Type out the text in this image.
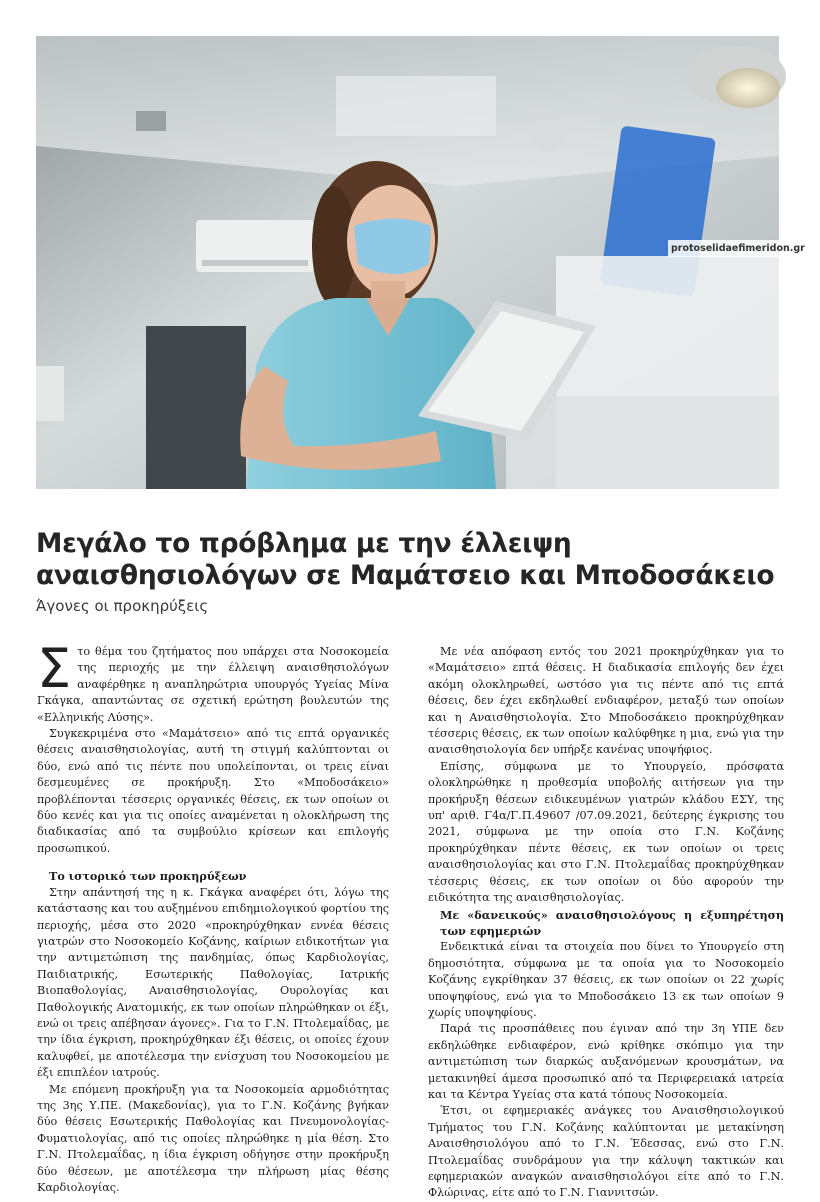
protoselidaefimeridon.gr
Μεγάλο το πρόβλημα με την έλλειψη
αναισθησιολόγων σε Μαμάτσειο και Μποδοσάκειο

Άγονες οι προκηρύξεις

Στο θέμα του ζητήματος που υπάρχει στα Νοσοκομεία της περιοχής με την έλλειψη αναισθησιολόγων αναφέρθηκε η αναπληρώτρια υπουργός Υγείας Μίνα Γκάγκα, απαντώντας σε σχετική ερώτηση βουλευτών της «Ελληνικής Λύσης».

Συγκεκριμένα στο «Μαμάτσειο» από τις επτά οργανικές θέσεις αναισθησιολογίας, αυτή τη στιγμή καλύπτονται οι δύο, ενώ από τις πέντε που υπολείπονται, οι τρεις είναι δεσμευμένες σε προκήρυξη. Στο «Μποδοσάκειο» προβλέπονται τέσσερις οργανικές θέσεις, εκ των οποίων οι δύο κενές και για τις οποίες αναμένεται η ολοκλήρωση της διαδικασίας από τα συμβούλιο κρίσεων και επιλογής προσωπικού.

Το ιστορικό των προκηρύξεων

Στην απάντησή της η κ. Γκάγκα αναφέρει ότι, λόγω της κατάστασης και του αυξημένου επιδημιολογικού φορτίου της περιοχής, μέσα στο 2020 «προκηρύχθηκαν εννέα θέσεις γιατρών στο Νοσοκομείο Κοζάνης, καίριων ειδικοτήτων για την αντιμετώπιση της πανδημίας, όπως Καρδιολογίας, Παιδιατρικής, Εσωτερικής Παθολογίας, Ιατρικής Βιοπαθολογίας, Αναισθησιολογίας, Ουρολογίας και Παθολογικής Ανατομικής, εκ των οποίων πληρώθηκαν οι έξι, ενώ οι τρεις απέβησαν άγονες». Για το Γ.Ν. Πτολεμαΐδας, με την ίδια έγκριση, προκηρύχθηκαν έξι θέσεις, οι οποίες έχουν καλυφθεί, με αποτέλεσμα την ενίσχυση του Νοσοκομείου με έξι επιπλέον ιατρούς.

Με επόμενη προκήρυξη για τα Νοσοκομεία αρμοδιότητας της 3ης Υ.ΠΕ. (Μακεδονίας), για το Γ.Ν. Κοζάνης βγήκαν δύο θέσεις Εσωτερικής Παθολογίας και Πνευμονολογίας- Φυματιολογίας, από τις οποίες πληρώθηκε η μία θέση. Στο Γ.Ν. Πτολεμαΐδας, η ίδια έγκριση οδήγησε στην προκήρυξη δύο θέσεων, με αποτέλεσμα την πλήρωση μίας θέσης Καρδιολογίας.

Με νέα απόφαση εντός του 2021 προκηρύχθηκαν για το «Μαμάτσειο» επτά θέσεις. Η διαδικασία επιλογής δεν έχει ακόμη ολοκληρωθεί, ωστόσο για τις πέντε από τις επτά θέσεις, δεν έχει εκδηλωθεί ενδιαφέρον, μεταξύ των οποίων και η Αναισθησιολογία. Στο Μποδοσάκειο προκηρύχθηκαν τέσσερις θέσεις, εκ των οποίων καλύφθηκε η μια, ενώ για την αναισθησιολογία δεν υπήρξε κανένας υποψήφιος.

Επίσης, σύμφωνα με το Υπουργείο, πρόσφατα ολοκληρώθηκε η προθεσμία υποβολής αιτήσεων για την προκήρυξη θέσεων ειδικευμένων γιατρών κλάδου ΕΣΥ, της υπ' αριθ. Γ4α/Γ.Π.49607 /07.09.2021, δεύτερης έγκρισης του 2021, σύμφωνα με την οποία στο Γ.Ν. Κοζάνης προκηρύχθηκαν πέντε θέσεις, εκ των οποίων οι τρεις αναισθησιολογίας και στο Γ.Ν. Πτολεμαΐδας προκηρύχθηκαν τέσσερις θέσεις, εκ των οποίων οι δύο αφορούν την ειδικότητα της αναισθησιολογίας.

Με «δανεικούς» αναισθησιολόγους η εξυπηρέτηση των εφημεριών

Ενδεικτικά είναι τα στοιχεία που δίνει το Υπουργείο στη δημοσιότητα, σύμφωνα με τα οποία για το Νοσοκομείο Κοζάνης εγκρίθηκαν 37 θέσεις, εκ των οποίων οι 22 χωρίς υποψηφίους, ενώ για το Μποδοσάκειο 13 εκ των οποίων 9 χωρίς υποψηφίους.

Παρά τις προσπάθειες που έγιναν από την 3η ΥΠΕ δεν εκδηλώθηκε ενδιαφέρον, ενώ κρίθηκε σκόπιμο για την αντιμετώπιση των διαρκώς αυξανόμενων κρουσμάτων, να μετακινηθεί άμεσα προσωπικό από τα Περιφερειακά ιατρεία και τα Κέντρα Υγείας στα κατά τόπους Νοσοκομεία.

Έτσι, οι εφημεριακές ανάγκες του Αναισθησιολογικού Τμήματος του Γ.Ν. Κοζάνης καλύπτονται με μετακίνηση Αναισθησιολόγου από το Γ.Ν. Έδεσσας, ενώ στο Γ.Ν. Πτολεμαΐδας συνδράμουν για την κάλυψη τακτικών και εφημεριακών αναγκών αναισθησιολόγοι είτε από το Γ.Ν. Φλώρινας, είτε από το Γ.Ν. Γιαννιτσών.
